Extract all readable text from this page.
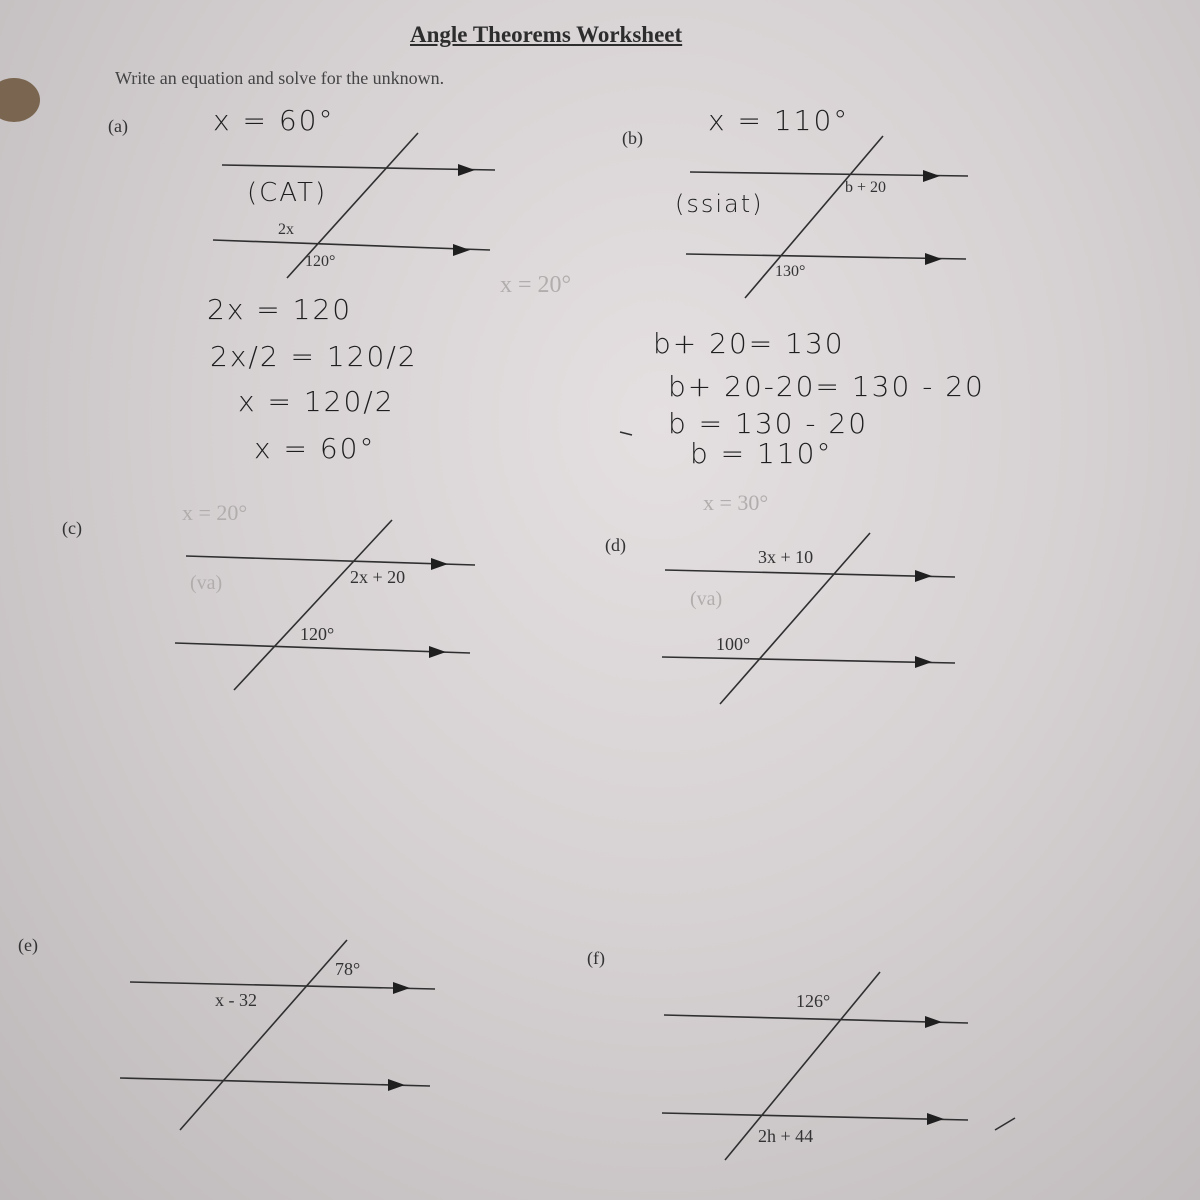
Angle Theorems Worksheet
Write an equation and solve for the unknown.
(a)	x = 60°
(CAT)
2x
120°
2x = 120
2x/2 = 120/2
x = 120/2
x = 60°
(b)
x = 110°
(ssiat)
b + 20
130°
x = 20°
b+ 20= 130
b+ 20-20= 130 - 20
b = 130 - 20
b = 110°
(c)
x = 20°
(va)	2x + 20
120°
(d)
x = 30°
(va)
3x + 10
100°
(e)
78°
x - 32
(f)
126°
2h + 44
